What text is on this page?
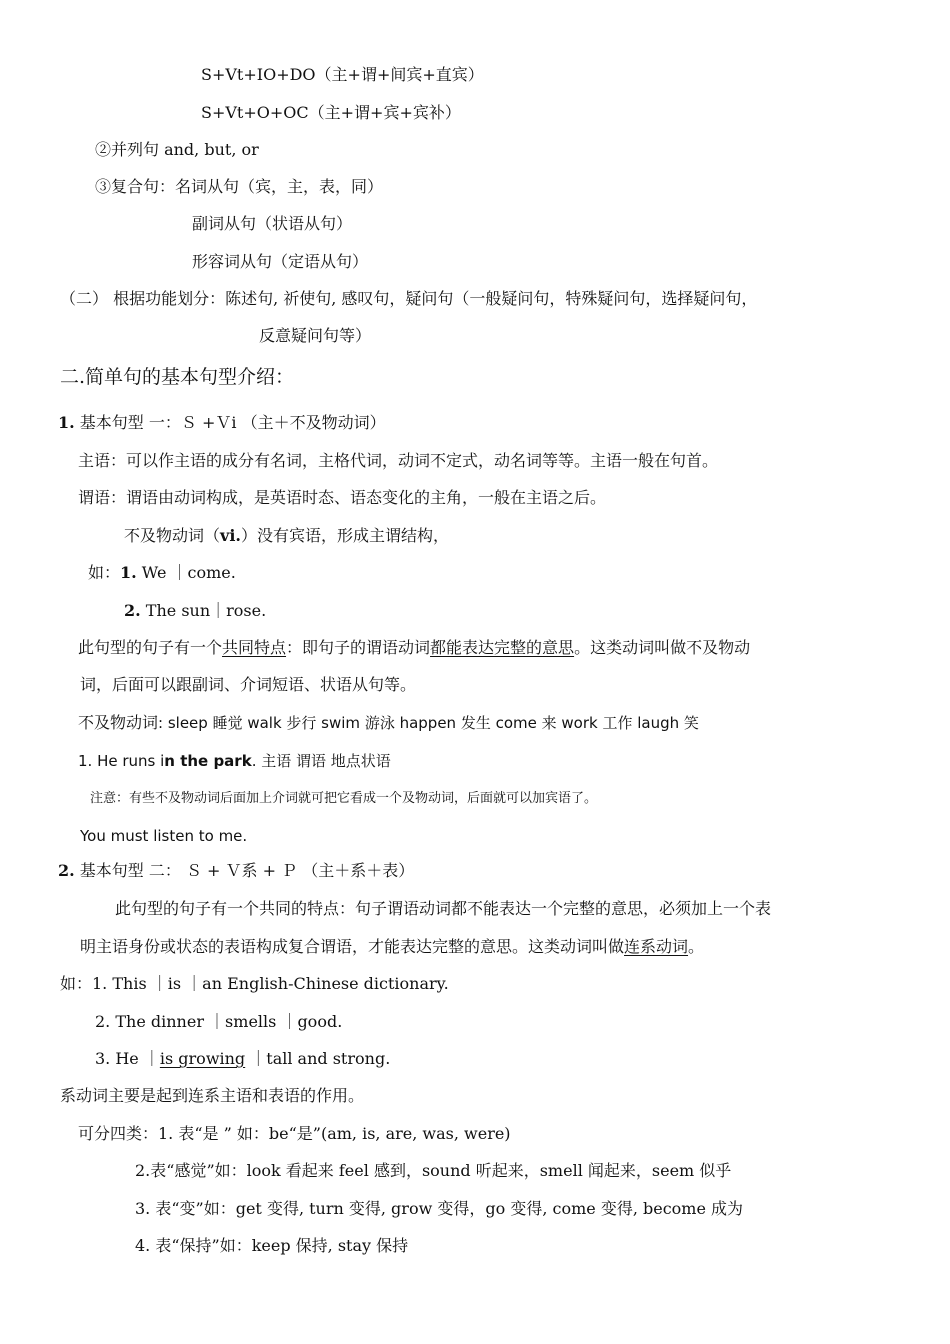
S+Vt+IO+DO（主+谓+间宾+直宾）
S+Vt+O+OC（主+谓+宾+宾补）
②并列句 and, but, or
③复合句：名词从句（宾，主，表，同）
副词从句（状语从句）
形容词从句（定语从句）
（二） 根据功能划分：陈述句, 祈使句, 感叹句，疑问句（一般疑问句，特殊疑问句，选择疑问句，
反意疑问句等）
二.简单句的基本句型介绍：
1. 基本句型 一：Ｓ +Ｖi （主＋不及物动词）
主语：可以作主语的成分有名词，主格代词，动词不定式，动名词等等。主语一般在句首。
谓语：谓语由动词构成，是英语时态、语态变化的主角，一般在主语之后。
不及物动词（vi.）没有宾语，形成主谓结构，
如：1. We ｜come.
2. The sun｜rose.
此句型的句子有一个共同特点：即句子的谓语动词都能表达完整的意思。这类动词叫做不及物动
词，后面可以跟副词、介词短语、状语从句等。
不及物动词: sleep 睡觉 walk 步行 swim 游泳 happen 发生 come 来 work 工作 laugh 笑
1. He runs in the park. 主语 谓语 地点状语
注意：有些不及物动词后面加上介词就可把它看成一个及物动词，后面就可以加宾语了。
You must listen to me.
2. 基本句型 二： Ｓ + Ｖ系 + Ｐ （主＋系＋表）
此句型的句子有一个共同的特点：句子谓语动词都不能表达一个完整的意思，必须加上一个表
明主语身份或状态的表语构成复合谓语，才能表达完整的意思。这类动词叫做连系动词。
如：1. This ｜is ｜an English-Chinese dictionary.
2. The dinner ｜smells ｜good.
3. He ｜is growing ｜tall and strong.
系动词主要是起到连系主语和表语的作用。
可分四类：1. 表“是 ” 如：be“是”(am, is, are, was, were)
2.表“感觉”如：look 看起来 feel 感到，sound 听起来，smell 闻起来，seem 似乎
3. 表“变”如：get 变得, turn 变得, grow 变得，go 变得, come 变得, become 成为
4. 表“保持”如：keep 保持, stay 保持
